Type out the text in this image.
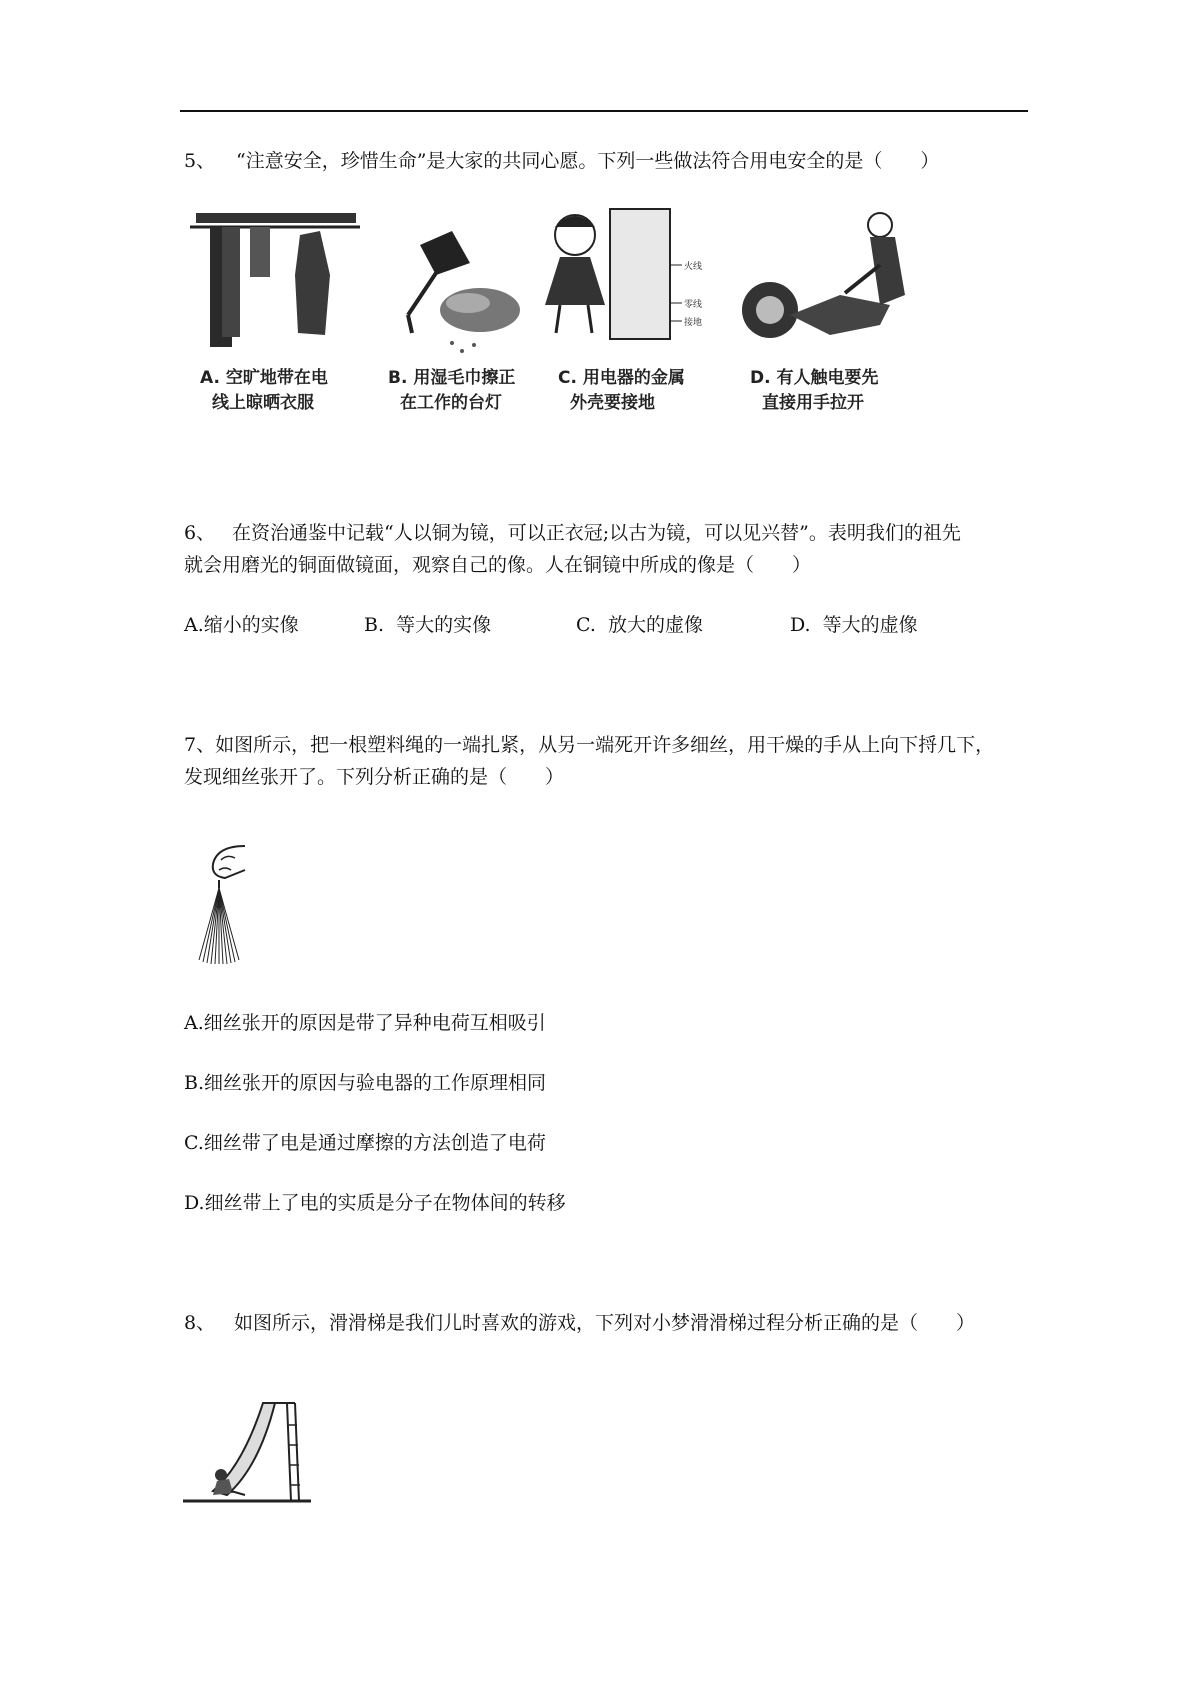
5、 “注意安全，珍惜生命”是大家的共同心愿。下列一些做法符合用电安全的是（　　）
A. 空旷地带在电
线上晾晒衣服
B. 用湿毛巾擦正
在工作的台灯
火线
零线
接地
C. 用电器的金属
外壳要接地
D. 有人触电要先
直接用手拉开
6、 在资治通鉴中记载“人以铜为镜，可以正衣冠;以古为镜，可以见兴替”。表明我们的祖先
就会用磨光的铜面做镜面，观察自己的像。人在铜镜中所成的像是（　　）
A.缩小的实像	B.  等大的实像	C.  放大的虚像	D.  等大的虚像
7、如图所示，把一根塑料绳的一端扎紧，从另一端死开许多细丝，用干燥的手从上向下捋几下，
发现细丝张开了。下列分析正确的是（　　）
A.细丝张开的原因是带了异种电荷互相吸引
B.细丝张开的原因与验电器的工作原理相同
C.细丝带了电是通过摩擦的方法创造了电荷
D.细丝带上了电的实质是分子在物体间的转移
8、 如图所示，滑滑梯是我们儿时喜欢的游戏，下列对小梦滑滑梯过程分析正确的是（　　）
